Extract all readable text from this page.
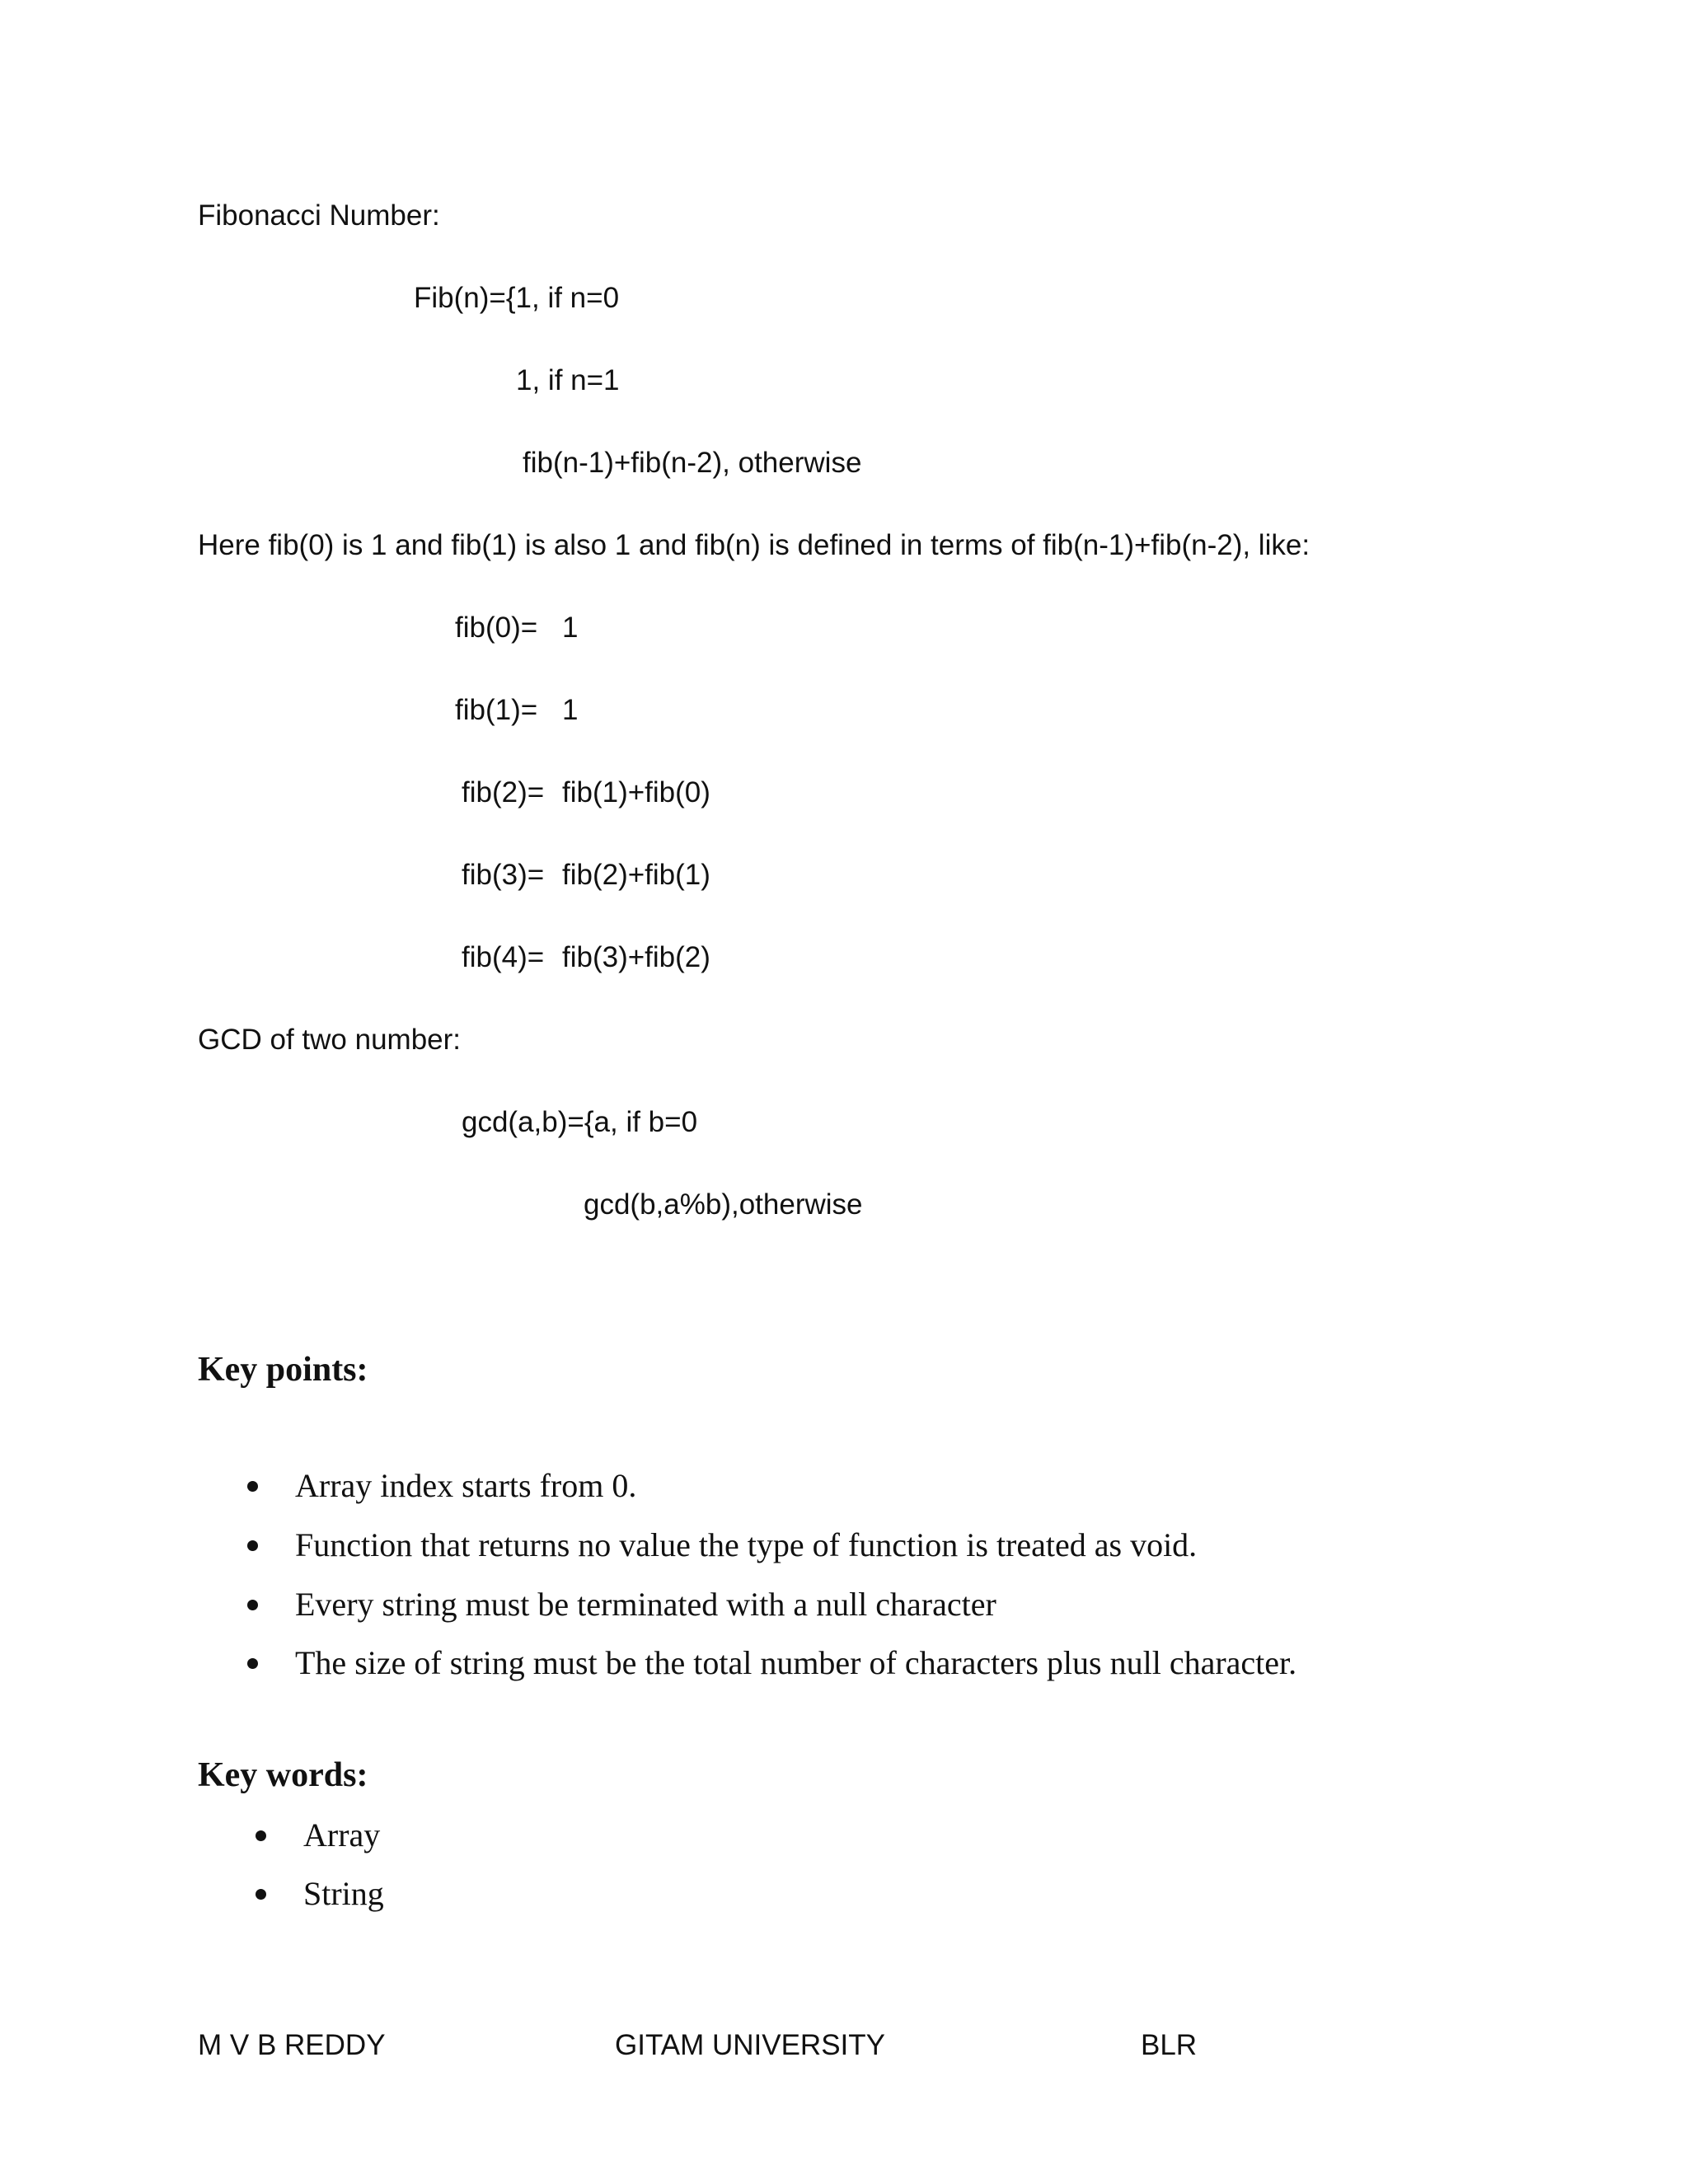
Fibonacci Number:
Fib(n)={1, if n=0
1, if n=1
fib(n-1)+fib(n-2), otherwise
Here fib(0) is 1 and fib(1) is also 1 and fib(n) is defined in terms of fib(n-1)+fib(n-2), like:
fib(0)= 1
fib(1)= 1
fib(2)= fib(1)+fib(0)
fib(3)= fib(2)+fib(1)
fib(4)= fib(3)+fib(2)
GCD of two number:
gcd(a,b)={a, if b=0
gcd(b,a%b),otherwise
Key points:
Array index starts from 0.
Function that returns no value the type of function is treated as void.
Every string must be terminated with a null character
The size of string must be the total number of characters plus null character.
Key words:
Array
String
M V B REDDY	GITAM UNIVERSITY	BLR
